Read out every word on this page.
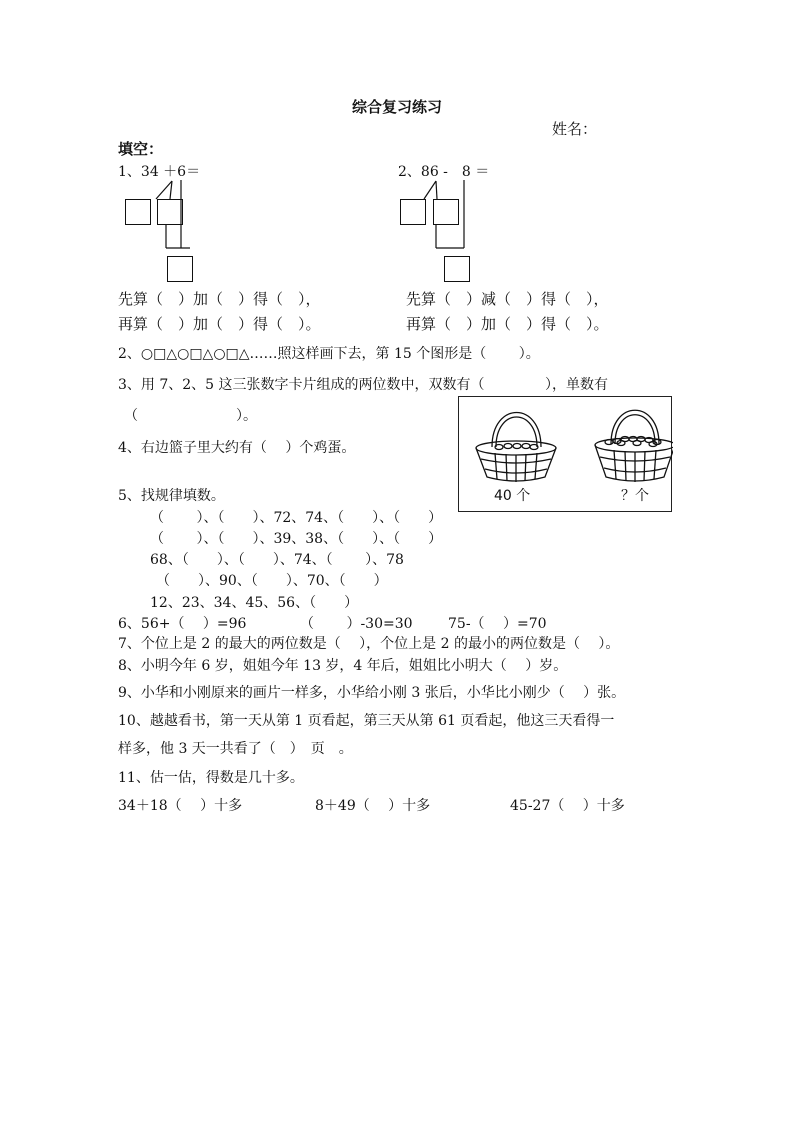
综合复习练习
姓名：
填空：
1、34 ＋6＝	2、86 -　8 ＝
先算（　）加（　）得（　），
再算（　）加（　）得（　）。
先算（　）减（　）得（　），
再算（　）加（　）得（　）。
2、○□△○□△○□△……照这样画下去，第 15 个图形是（　　 ）。
3、用 7、2、5 这三张数字卡片组成的两位数中，双数有（　　　　 ），单数有
（　　　　　　　）。
4、右边篮子里大约有（　 ）个鸡蛋。
40 个	？个
5、找规律填数。
（　　 ）、（　　）、72、74、（　　）、（　　）
（　　 ）、（　　）、39、38、（　　）、（　　）
68、（　　）、（　　）、74、（　　 ）、78
（　　）、90、（　　）、70、（　　）
12、23、34、45、56、（　　）
6、56+（　 ）=96	（　　 ）-30=30	75-（　 ）=70
7、个位上是 2 的最大的两位数是（　 ），个位上是 2 的最小的两位数是（　 ）。
8、小明今年 6 岁，姐姐今年 13 岁，4 年后，姐姐比小明大（　 ）岁。
9、小华和小刚原来的画片一样多，小华给小刚 3 张后，小华比小刚少（　 ）张。
10、越越看书，第一天从第 1 页看起，第三天从第 61 页看起，他这三天看得一
样多，他 3 天一共看了（　）　页　。
11、估一估，得数是几十多。
34＋18（　 ）十多	8＋49（　 ）十多	45-27（　 ）十多
